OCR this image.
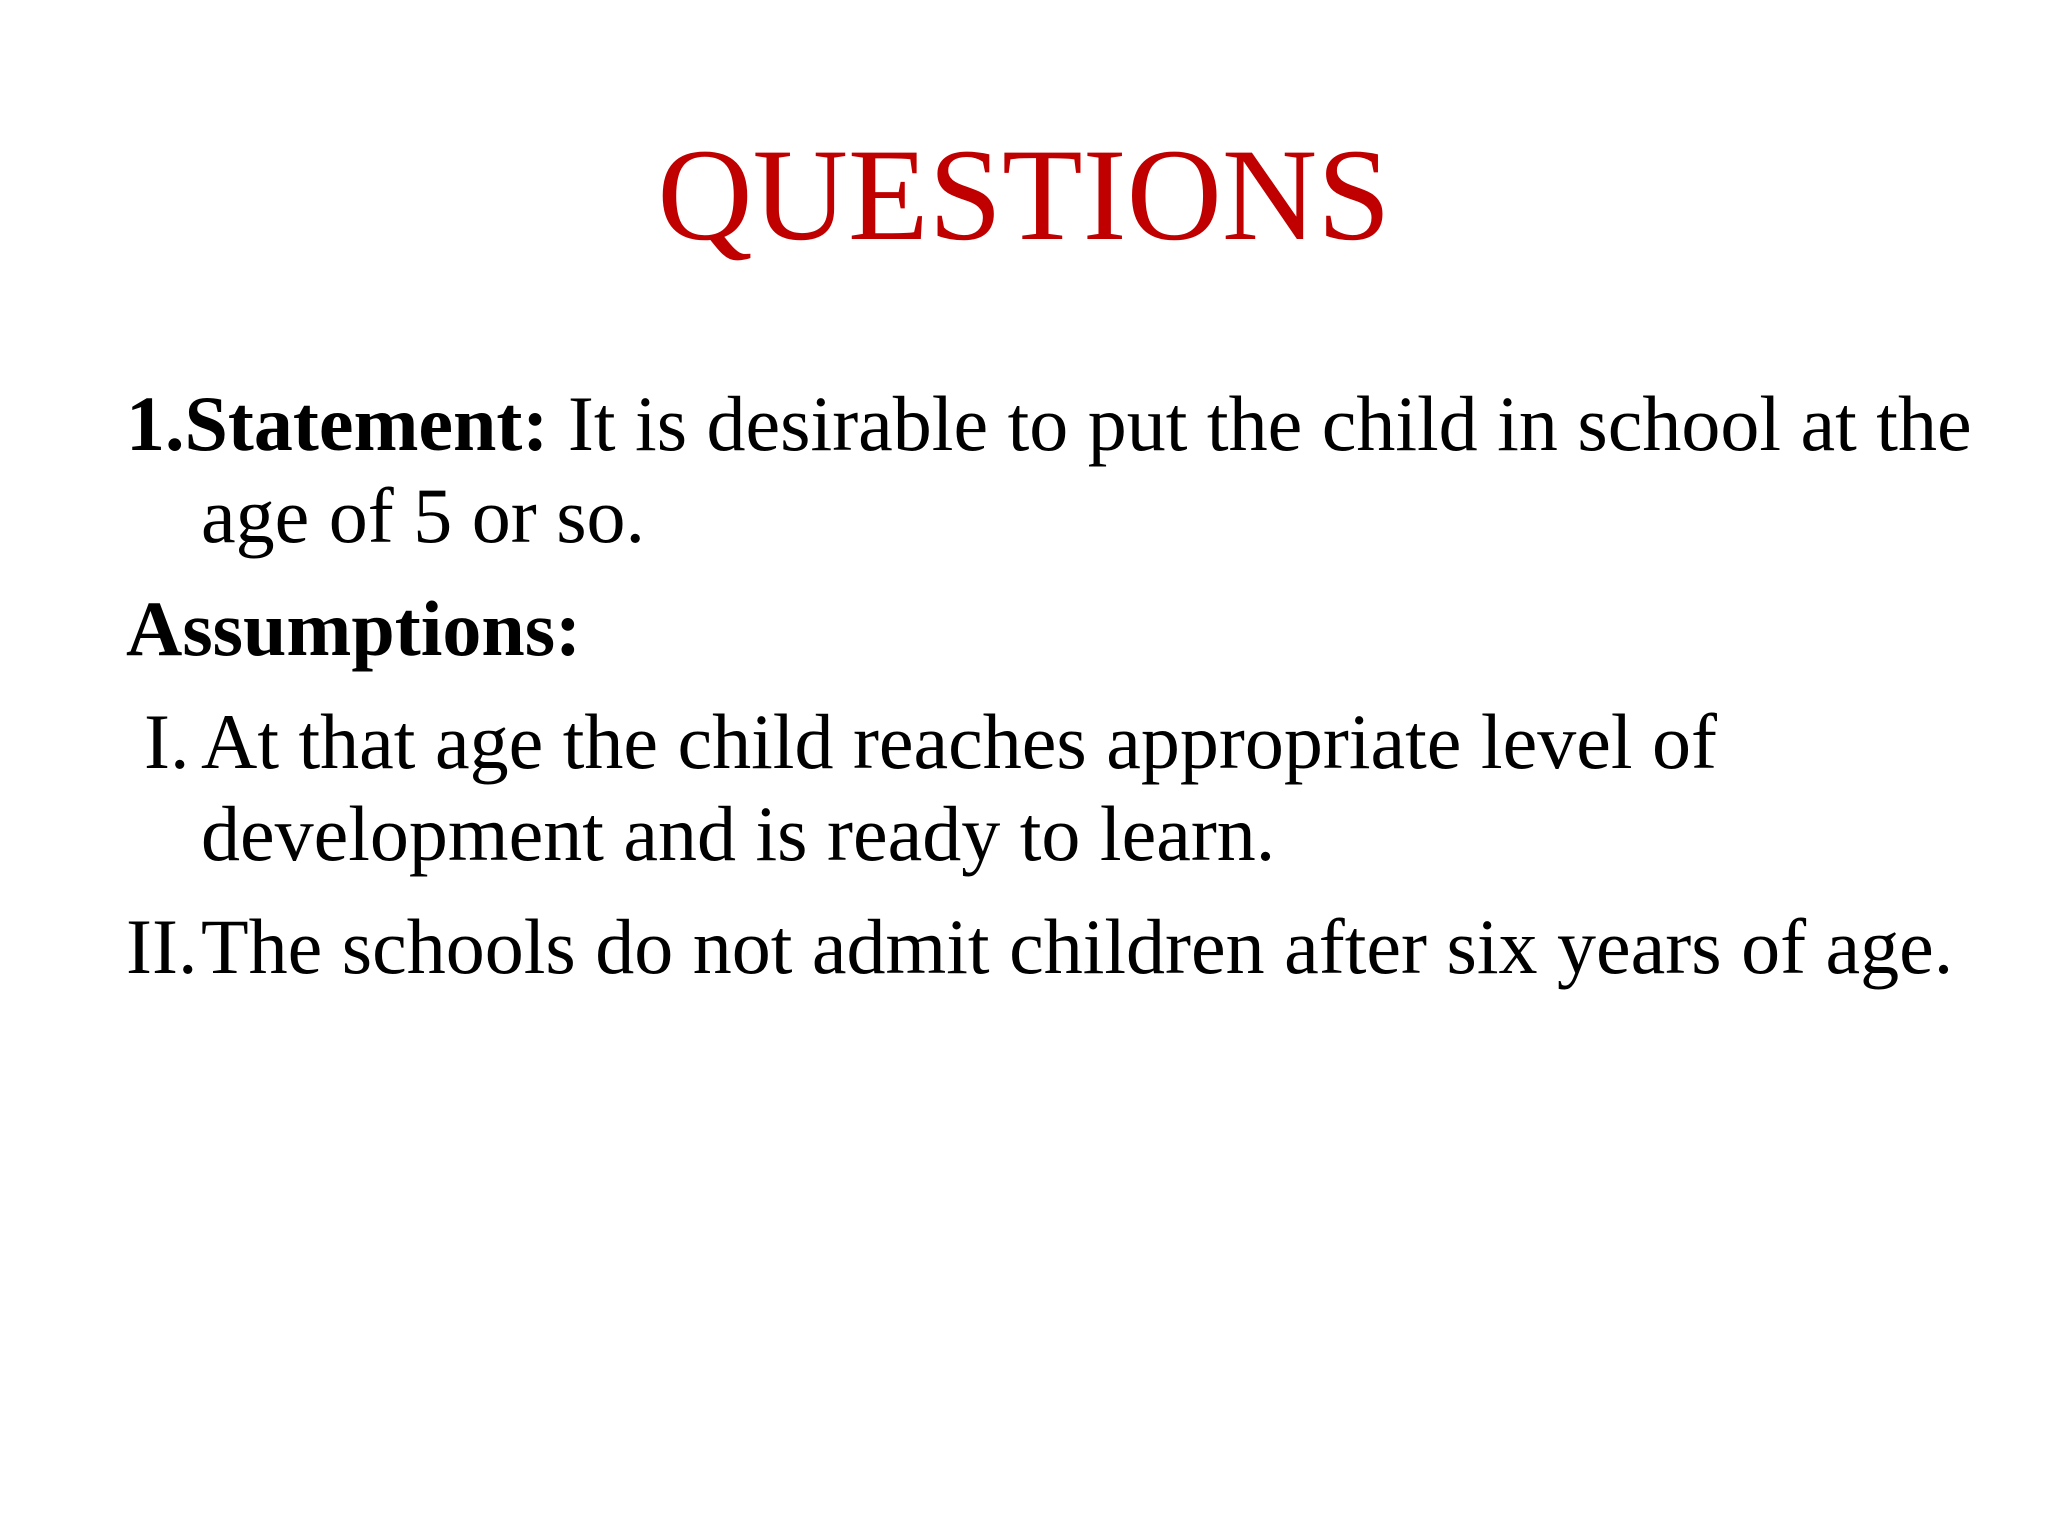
QUESTIONS

1.Statement: It is desirable to put the child in school at the age of 5 or so.

Assumptions:

I. At that age the child reaches appropriate level of development and is ready to learn.

II.The schools do not admit children after six years of age.
